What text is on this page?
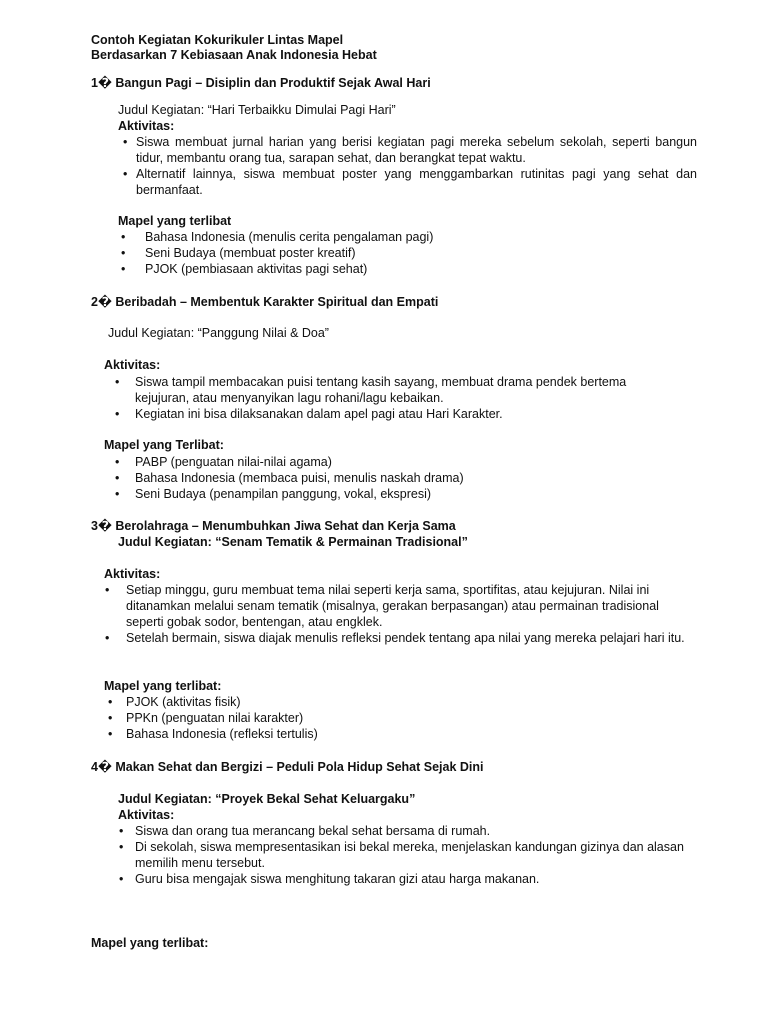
Contoh Kegiatan Kokurikuler Lintas Mapel
Berdasarkan 7 Kebiasaan Anak Indonesia Hebat
1� Bangun Pagi – Disiplin dan Produktif Sejak Awal Hari
Judul Kegiatan: “Hari Terbaikku Dimulai Pagi Hari”
Aktivitas:
• Siswa membuat jurnal harian yang berisi kegiatan pagi mereka sebelum sekolah, seperti bangun tidur, membantu orang tua, sarapan sehat, dan berangkat tepat waktu.
• Alternatif lainnya, siswa membuat poster yang menggambarkan rutinitas pagi yang sehat dan bermanfaat.
Mapel yang terlibat
• Bahasa Indonesia (menulis cerita pengalaman pagi)
• Seni Budaya (membuat poster kreatif)
• PJOK (pembiasaan aktivitas pagi sehat)
2� Beribadah – Membentuk Karakter Spiritual dan Empati
Judul Kegiatan: “Panggung Nilai & Doa”
Aktivitas:
• Siswa tampil membacakan puisi tentang kasih sayang, membuat drama pendek bertema kejujuran, atau menyanyikan lagu rohani/lagu kebaikan.
• Kegiatan ini bisa dilaksanakan dalam apel pagi atau Hari Karakter.
Mapel yang Terlibat:
• PABP (penguatan nilai-nilai agama)
• Bahasa Indonesia (membaca puisi, menulis naskah drama)
• Seni Budaya (penampilan panggung, vokal, ekspresi)
3� Berolahraga – Menumbuhkan Jiwa Sehat dan Kerja Sama
Judul Kegiatan: “Senam Tematik & Permainan Tradisional”
Aktivitas:
• Setiap minggu, guru membuat tema nilai seperti kerja sama, sportifitas, atau kejujuran. Nilai ini ditanamkan melalui senam tematik (misalnya, gerakan berpasangan) atau permainan tradisional seperti gobak sodor, bentengan, atau engklek.
• Setelah bermain, siswa diajak menulis refleksi pendek tentang apa nilai yang mereka pelajari hari itu.
Mapel yang terlibat:
• PJOK (aktivitas fisik)
• PPKn (penguatan nilai karakter)
• Bahasa Indonesia (refleksi tertulis)
4� Makan Sehat dan Bergizi – Peduli Pola Hidup Sehat Sejak Dini
Judul Kegiatan: “Proyek Bekal Sehat Keluargaku”
Aktivitas:
• Siswa dan orang tua merancang bekal sehat bersama di rumah.
• Di sekolah, siswa mempresentasikan isi bekal mereka, menjelaskan kandungan gizinya dan alasan memilih menu tersebut.
• Guru bisa mengajak siswa menghitung takaran gizi atau harga makanan.
Mapel yang terlibat:
